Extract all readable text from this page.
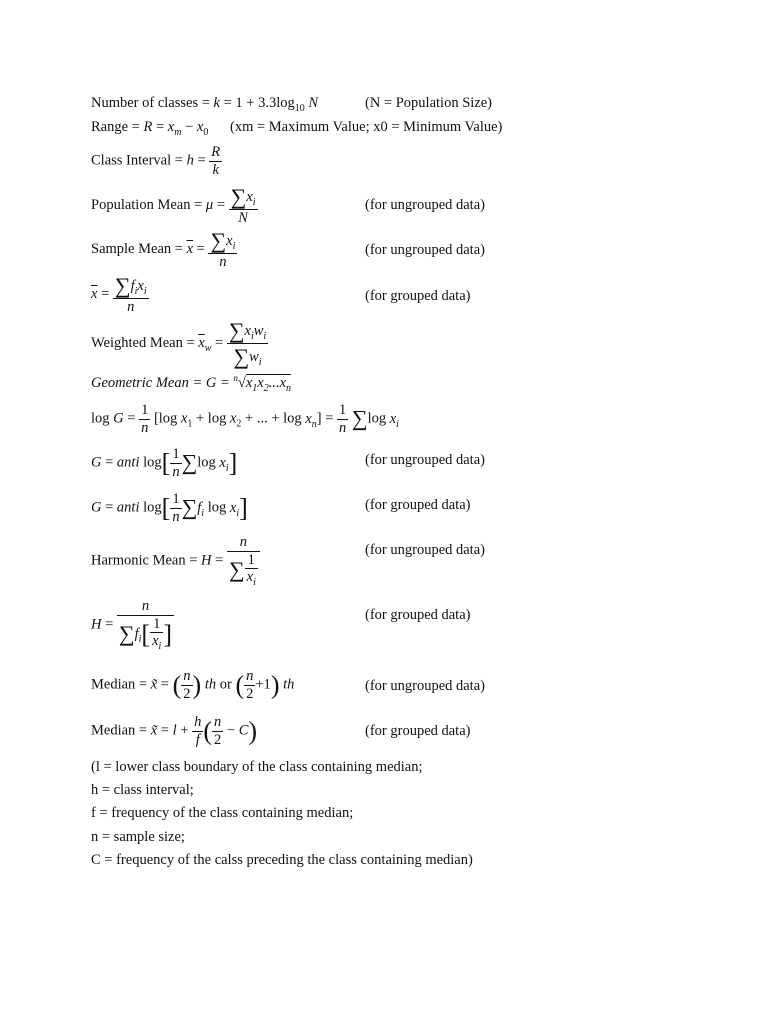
Number of classes = $k = 1 + 3.3\log_{10}$ N	(N = Population Size)
Range = $R = x_m - x_0$ (xm = Maximum Value; x0 = Minimum Value)
Class Interval = $h = \frac{R}{k}$
Population Mean = $\mu = \frac{\sum x_i}{N}$	(for ungrouped data)
Sample Mean = $\overline{x} = \frac{\sum x_i}{n}$	(for ungrouped data)
$\overline{x} = \frac{\sum f_ix_i}{n}$	(for grouped data)
Weighted Mean = $\overline{x}_w = \frac{\sum x_iw_i}{\sum w_i}$
Geometric Mean = $G = ^n√x_1x_2...x_n$
$\log G = \frac{1}{n} [\log$ $x_1 + \log x_2$ + ... + $\log x_n] = \frac{1}{n} \sum\log$ $x_i$
G = anti $\log[ \frac{1}{n} \sum\log$ $x_i$]	(for ungrouped data)
G = anti $\log[ \frac{1}{n} \sum f_i$ $\log x_i$]	(for grouped data)
Harmonic Mean = $H = \frac{n}{\sum \frac{1}{x_i}}$	(for ungrouped data)
$H = \frac{n}{\sum f_i[ \frac{1}{x_i} ]}$	(for grouped data)
Median = x̃ = ( $\frac{n}{2}$ ) th or ( $\frac{n}{2} +1$) th	(for ungrouped data)
Median = x̃ = $l + \frac{h}{f}$ ( $\frac{n}{2} - C$)	(for grouped data)
(l = lower class boundary of the class containing median;
h = class interval;
f = frequency of the class containing median;
n = sample size;
C = frequency of the calss preceding the class containing median)
